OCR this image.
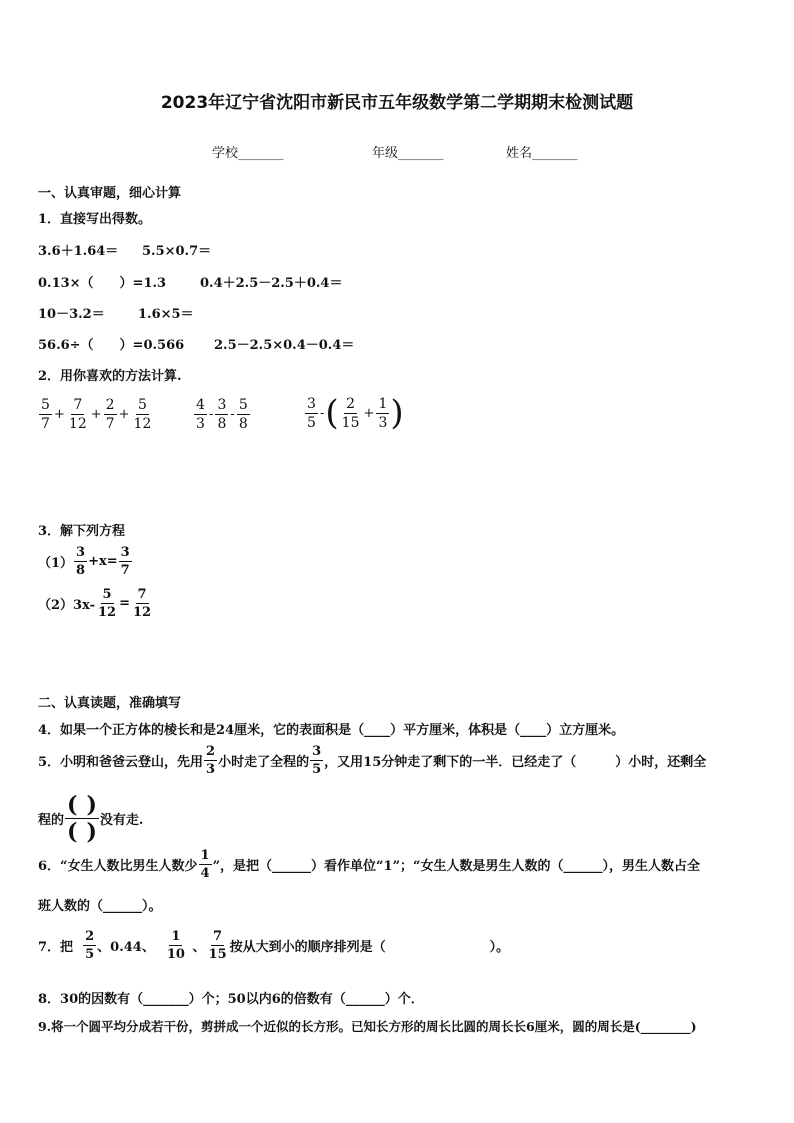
2023年辽宁省沈阳市新民市五年级数学第二学期期末检测试题
学校_______	年级_______	姓名_______
一、认真审题，细心计算
1．直接写出得数。
3.6＋1.64＝ 5.5×0.7＝
0.13×（　　）=1.3	0.4＋2.5－2.5＋0.4＝
10－3.2＝	1.6×5＝
56.6÷（　　）=0.566 2.5－2.5×0.4－0.4＝
2．用你喜欢的方法计算.
$\frac{5}{7} + \frac{7}{12} + \frac{2}{7} + \frac{5}{12}$	$\frac{4}{3} - \frac{3}{8} - \frac{5}{8}$	$\frac{3}{5}$ - ( $\frac{2}{15} + \frac{1}{3}$ )
3．解下列方程
$(1) \frac{3}{8} +x= \frac{3}{7}$
$(2)3x- \frac{5}{12} = \frac{7}{12}$
二、认真读题，准确填写
4．如果一个正方体的棱长和是24厘米，它的表面积是（____）平方厘米，体积是（____）立方厘米。
5．小明和爸爸云登山，先用 $\frac{2}{3}$ 小时走了全程的 $\frac{3}{5}$ ，又用15分钟走了剩下的一半．已经走了（　　　）小时，还剩全
程的 $\frac{( )}{( )}$ 没有走.
6．“女生人数比男生人数少 $\frac{1}{4}$ ”，是把（______）看作单位“1”；“女生人数是男生人数的（______），男生人数占全
班人数的（______）。
7．把
$\frac{2}{5}$ 、0.44、
$\frac{1}{10}$
、 $\frac{7}{15}$ 按从大到小的顺序排列是（　　　　　　　　）。
8．30的因数有（_______）个；50以内6的倍数有（______）个．
9.将一个圆平均分成若干份，剪拼成一个近似的长方形。已知长方形的周长比圆的周长长6厘米，圆的周长是(________)
